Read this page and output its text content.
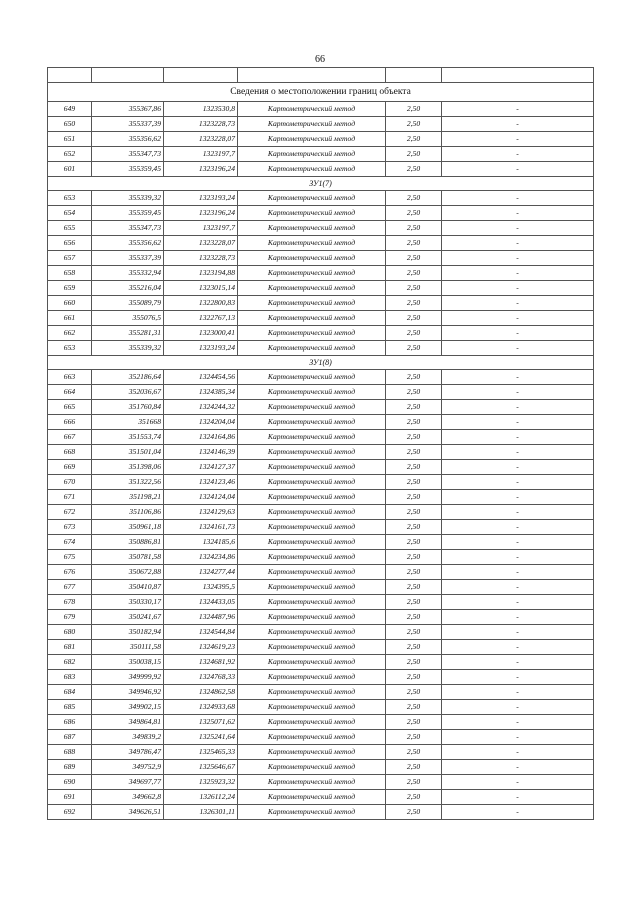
66

Сведения о местоположении границ объекта					
649	355367,86	1323530,8	Картометрический метод	2,50	-
650	355337,39	1323228,73	Картометрический метод	2,50	-
651	355356,62	1323228,07	Картометрический метод	2,50	-
652	355347,73	1323197,7	Картометрический метод	2,50	-
601	355359,45	1323196,24	Картометрический метод	2,50	-
ЗУ1(7)					
653	355339,32	1323193,24	Картометрический метод	2,50	-
654	355359,45	1323196,24	Картометрический метод	2,50	-
655	355347,73	1323197,7	Картометрический метод	2,50	-
656	355356,62	1323228,07	Картометрический метод	2,50	-
657	355337,39	1323228,73	Картометрический метод	2,50	-
658	355332,94	1323194,88	Картометрический метод	2,50	-
659	355216,04	1323015,14	Картометрический метод	2,50	-
660	355089,79	1322800,83	Картометрический метод	2,50	-
661	355076,5	1322767,13	Картометрический метод	2,50	-
662	355281,31	1323000,41	Картометрический метод	2,50	-
653	355339,32	1323193,24	Картометрический метод	2,50	-
ЗУ1(8)					
663	352186,64	1324454,56	Картометрический метод	2,50	-
664	352036,67	1324385,34	Картометрический метод	2,50	-
665	351760,84	1324244,32	Картометрический метод	2,50	-
666	351668	1324204,04	Картометрический метод	2,50	-
667	351553,74	1324164,86	Картометрический метод	2,50	-
668	351501,04	1324146,39	Картометрический метод	2,50	-
669	351398,06	1324127,37	Картометрический метод	2,50	-
670	351322,56	1324123,46	Картометрический метод	2,50	-
671	351198,21	1324124,04	Картометрический метод	2,50	-
672	351106,86	1324129,63	Картометрический метод	2,50	-
673	350961,18	1324161,73	Картометрический метод	2,50	-
674	350886,81	1324185,6	Картометрический метод	2,50	-
675	350781,58	1324234,86	Картометрический метод	2,50	-
676	350672,88	1324277,44	Картометрический метод	2,50	-
677	350410,87	1324395,5	Картометрический метод	2,50	-
678	350330,17	1324433,05	Картометрический метод	2,50	-
679	350241,67	1324487,96	Картометрический метод	2,50	-
680	350182,94	1324544,84	Картометрический метод	2,50	-
681	350111,58	1324619,23	Картометрический метод	2,50	-
682	350038,15	1324681,92	Картометрический метод	2,50	-
683	349999,92	1324768,33	Картометрический метод	2,50	-
684	349946,92	1324862,58	Картометрический метод	2,50	-
685	349902,15	1324933,68	Картометрический метод	2,50	-
686	349864,81	1325071,62	Картометрический метод	2,50	-
687	349839,2	1325241,64	Картометрический метод	2,50	-
688	349786,47	1325465,33	Картометрический метод	2,50	-
689	349752,9	1325646,67	Картометрический метод	2,50	-
690	349697,77	1325923,32	Картометрический метод	2,50	-
691	349662,8	1326112,24	Картометрический метод	2,50	-
692	349626,51	1326301,11	Картометрический метод	2,50	-
